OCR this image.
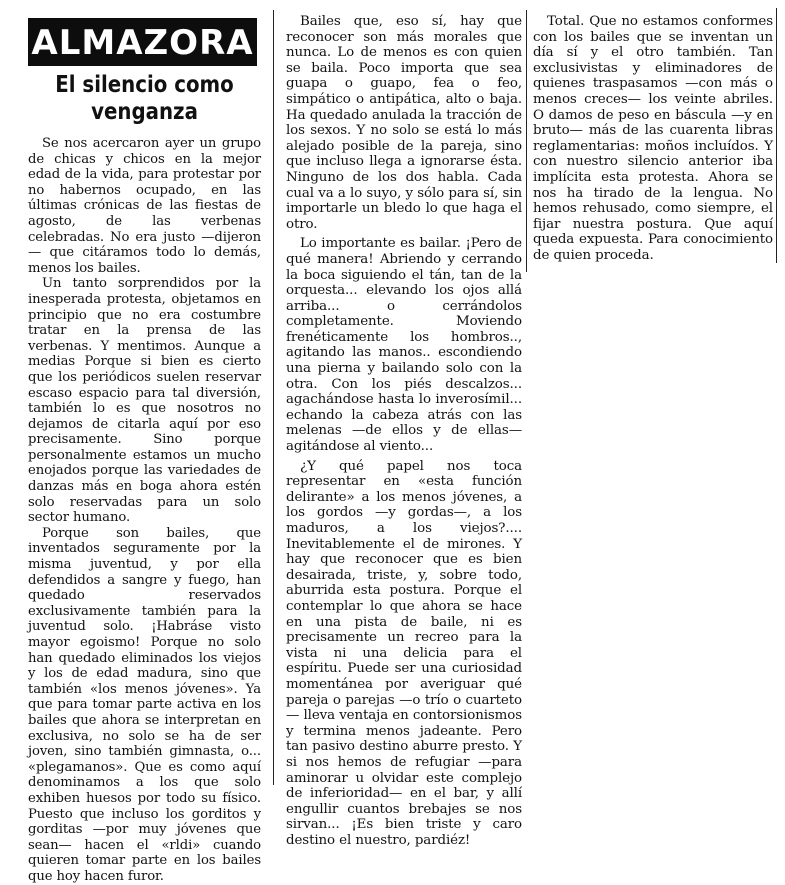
ALMAZORA
El silencio como
venganza

Se nos acercaron ayer un grupo de chicas y chicos en la mejor edad de la vida, para protestar por no habernos ocupado, en las últimas crónicas de las fiestas de agosto, de las verbenas celebradas. No era justo —dijeron— que citáramos todo lo demás, menos los bailes.

Un tanto sorprendidos por la inesperada protesta, objetamos en principio que no era costumbre tratar en la prensa de las verbenas. Y mentimos. Aunque a medias Porque si bien es cierto que los periódicos suelen reservar escaso espacio para tal diversión, también lo es que nosotros no dejamos de citarla aquí por eso precisamente. Sino porque personalmente estamos un mucho enojados porque las variedades de danzas más en boga ahora estén solo reservadas para un solo sector humano.

Porque son bailes, que inventados seguramente por la misma juventud, y por ella defendidos a sangre y fuego, han quedado reservados exclusivamente también para la juventud solo. ¡Habráse visto mayor egoismo! Porque no solo han quedado eliminados los viejos y los de edad madura, sino que también «los menos jóvenes». Ya que para tomar parte activa en los bailes que ahora se interpretan en exclusiva, no solo se ha de ser joven, sino también gimnasta, o... «plegamanos». Que es como aquí denominamos a los que solo exhiben huesos por todo su físico. Puesto que incluso los gorditos y gorditas —por muy jóvenes que sean— hacen el «rldi» cuando quieren tomar parte en los bailes que hoy hacen furor.

Bailes que, eso sí, hay que reconocer son más morales que nunca. Lo de menos es con quien se baila. Poco importa que sea guapa o guapo, fea o feo, simpático o antipática, alto o baja. Ha quedado anulada la tracción de los sexos. Y no solo se está lo más alejado posible de la pareja, sino que incluso llega a ignorarse ésta. Ninguno de los dos habla. Cada cual va a lo suyo, y sólo para sí, sin importarle un bledo lo que haga el otro.

Lo importante es bailar. ¡Pero de qué manera! Abriendo y cerrando la boca siguiendo el tán, tan de la orquesta... elevando los ojos allá arriba... o cerrándolos completamente. Moviendo frenéticamente los hombros.., agitando las manos.. escondiendo una pierna y bailando solo con la otra. Con los piés descalzos... agachándose hasta lo inverosímil... echando la cabeza atrás con las melenas —de ellos y de ellas— agitándose al viento...

¿Y qué papel nos toca representar en «esta función delirante» a los menos jóvenes, a los gordos —y gordas—, a los maduros, a los viejos?.... Inevitablemente el de mirones. Y hay que reconocer que es bien desairada, triste, y, sobre todo, aburrida esta postura. Porque el contemplar lo que ahora se hace en una pista de baile, ni es precisamente un recreo para la vista ni una delicia para el espíritu. Puede ser una curiosidad momentánea por averiguar qué pareja o parejas —o trío o cuarteto— lleva ventaja en contorsionismos y termina menos jadeante. Pero tan pasivo destino aburre presto. Y si nos hemos de refugiar —para aminorar u olvidar este complejo de inferioridad— en el bar, y allí engullir cuantos brebajes se nos sirvan... ¡Es bien triste y caro destino el nuestro, pardiéz!

Total. Que no estamos conformes con los bailes que se inventan un día sí y el otro también. Tan exclusivistas y eliminadores de quienes traspasamos —con más o menos creces— los veinte abriles. O damos de peso en báscula —y en bruto— más de las cuarenta libras reglamentarias: moños incluídos. Y con nuestro silencio anterior iba implícita esta protesta. Ahora se nos ha tirado de la lengua. No hemos rehusado, como siempre, el fijar nuestra postura. Que aquí queda expuesta. Para conocimiento de quien proceda.
